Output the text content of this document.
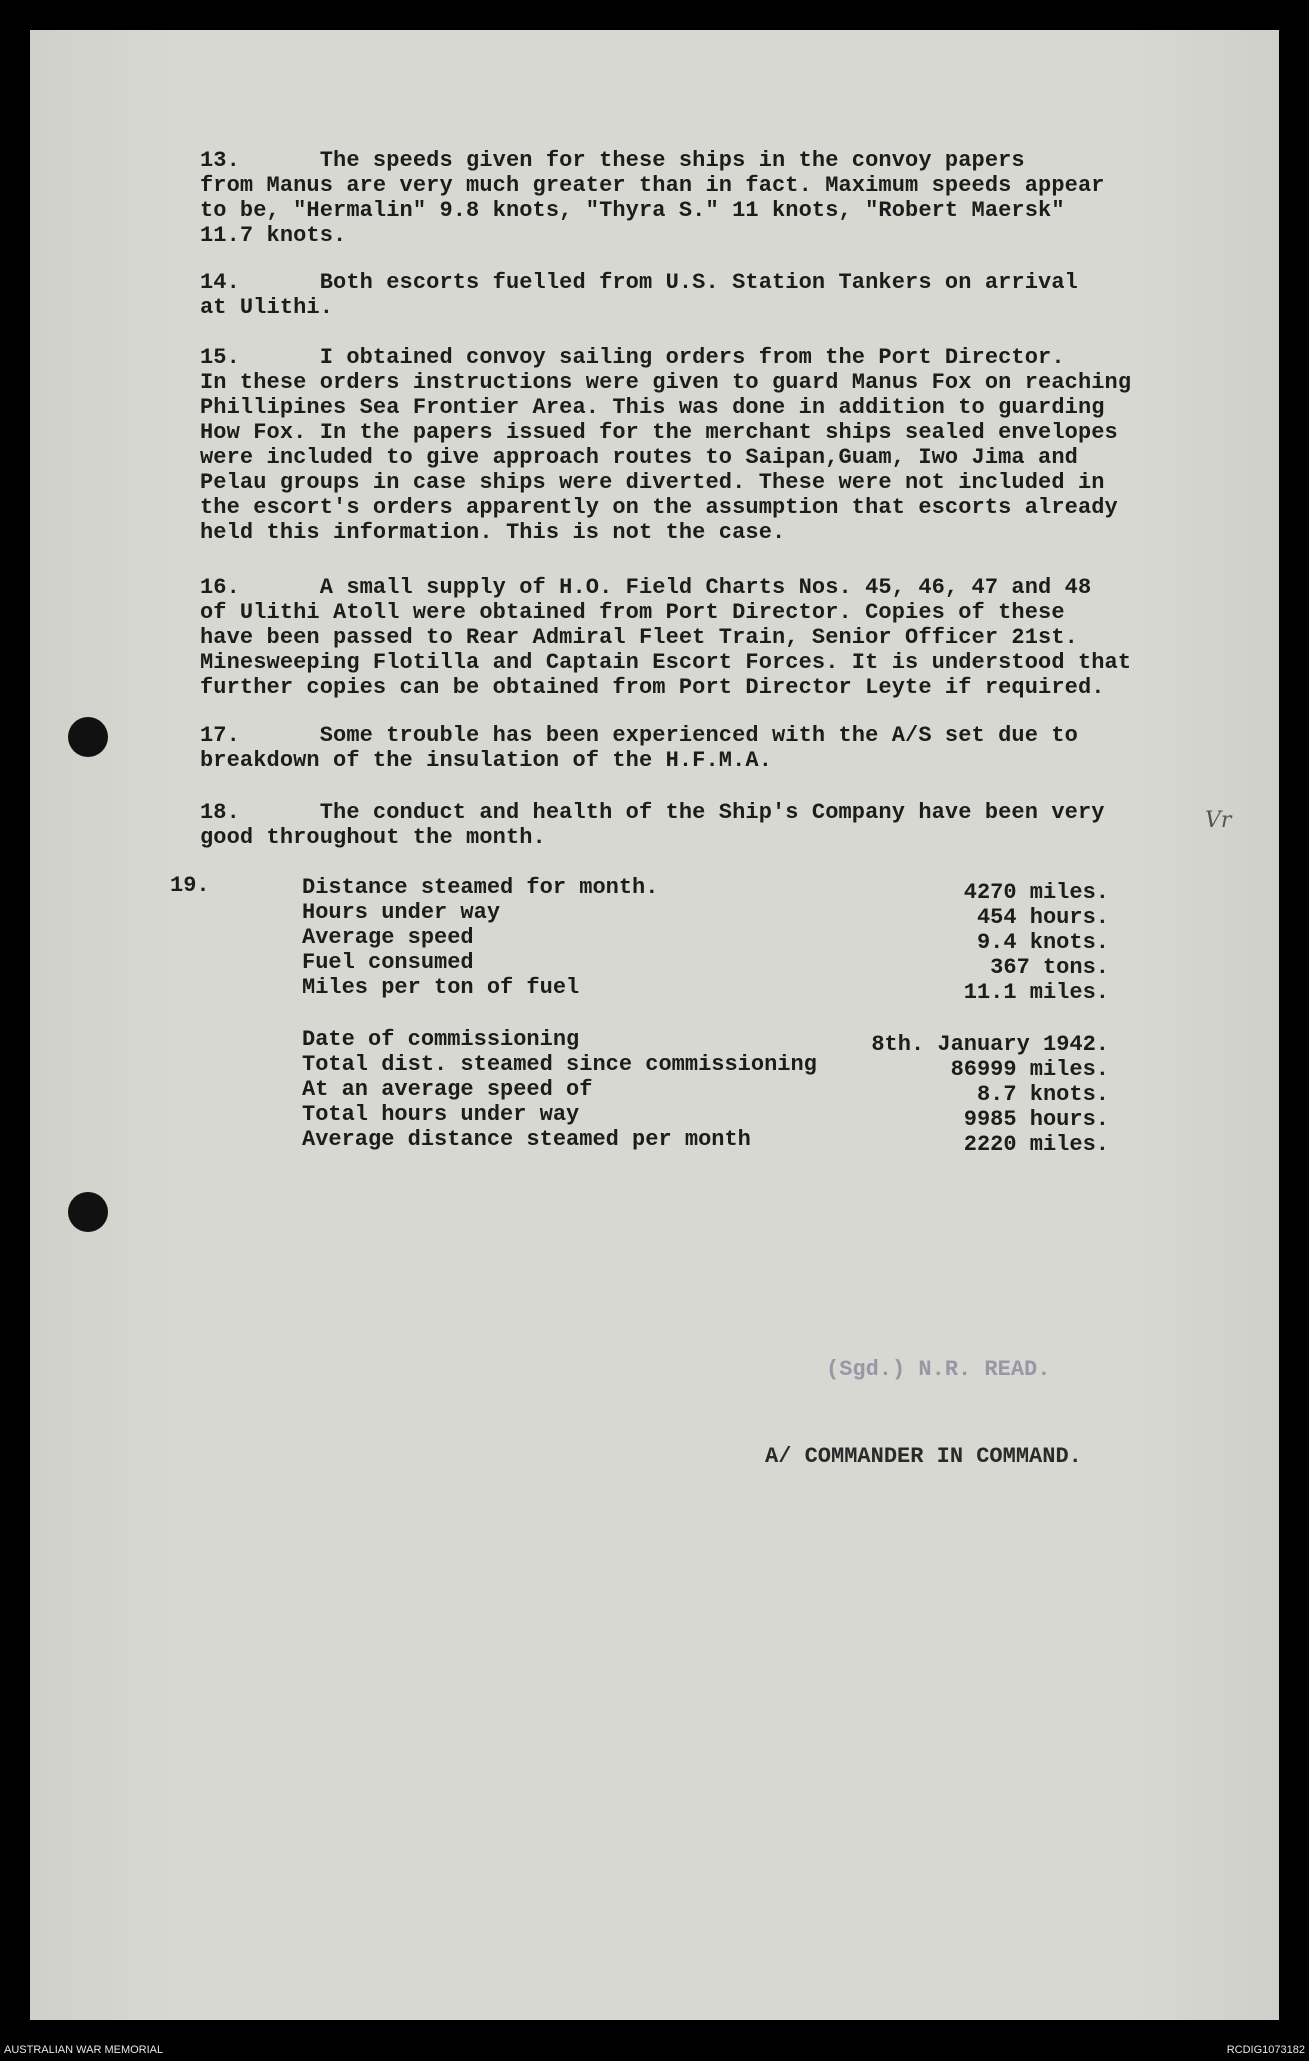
13.      The speeds given for these ships in the convoy papers
from Manus are very much greater than in fact. Maximum speeds appear
to be, "Hermalin" 9.8 knots, "Thyra S." 11 knots, "Robert Maersk"
11.7 knots.

14.      Both escorts fuelled from U.S. Station Tankers on arrival
at Ulithi.

15.      I obtained convoy sailing orders from the Port Director.
In these orders instructions were given to guard Manus Fox on reaching
Phillipines Sea Frontier Area. This was done in addition to guarding
How Fox. In the papers issued for the merchant ships sealed envelopes
were included to give approach routes to Saipan,Guam, Iwo Jima and
Pelau groups in case ships were diverted. These were not included in
the escort's orders apparently on the assumption that escorts already
held this information. This is not the case.

16.      A small supply of H.O. Field Charts Nos. 45, 46, 47 and 48
of Ulithi Atoll were obtained from Port Director. Copies of these
have been passed to Rear Admiral Fleet Train, Senior Officer 21st.
Minesweeping Flotilla and Captain Escort Forces. It is understood that
further copies can be obtained from Port Director Leyte if required.

17.      Some trouble has been experienced with the A/S set due to
breakdown of the insulation of the H.F.M.A.

18.      The conduct and health of the Ship's Company have been very
good throughout the month.

Vr
19.	Distance steamed for month.	4270 miles.
Hours under way	454 hours.
Average speed	9.4 knots.
Fuel consumed	367 tons.
Miles per ton of fuel	11.1 miles.
Date of commissioning	8th. January 1942.
Total dist. steamed since commissioning	86999 miles.
At an average speed of	8.7 knots.
Total hours under way	9985 hours.
Average distance steamed per month	2220 miles.
(Sgd.) N.R. READ.
A/ COMMANDER IN COMMAND.
AUSTRALIAN WAR MEMORIAL	RCDIG1073182
